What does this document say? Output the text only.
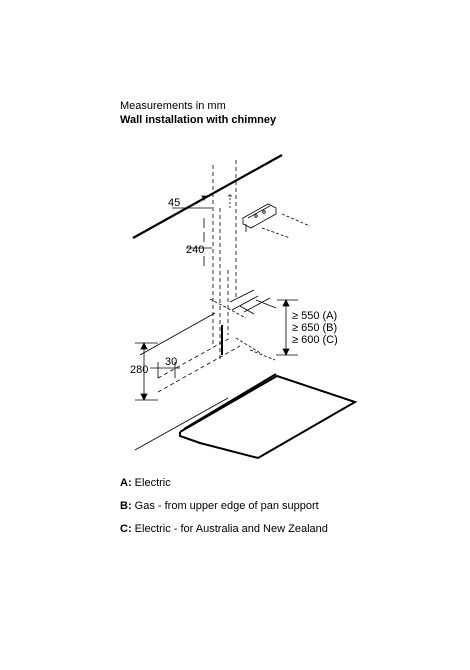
Measurements in mm
Wall installation with chimney
45
240
≥ 550 (A)
≥ 650 (B)
≥ 600 (C)
280
30
A: Electric
B: Gas - from upper edge of pan support
C: Electric - for Australia and New Zealand
